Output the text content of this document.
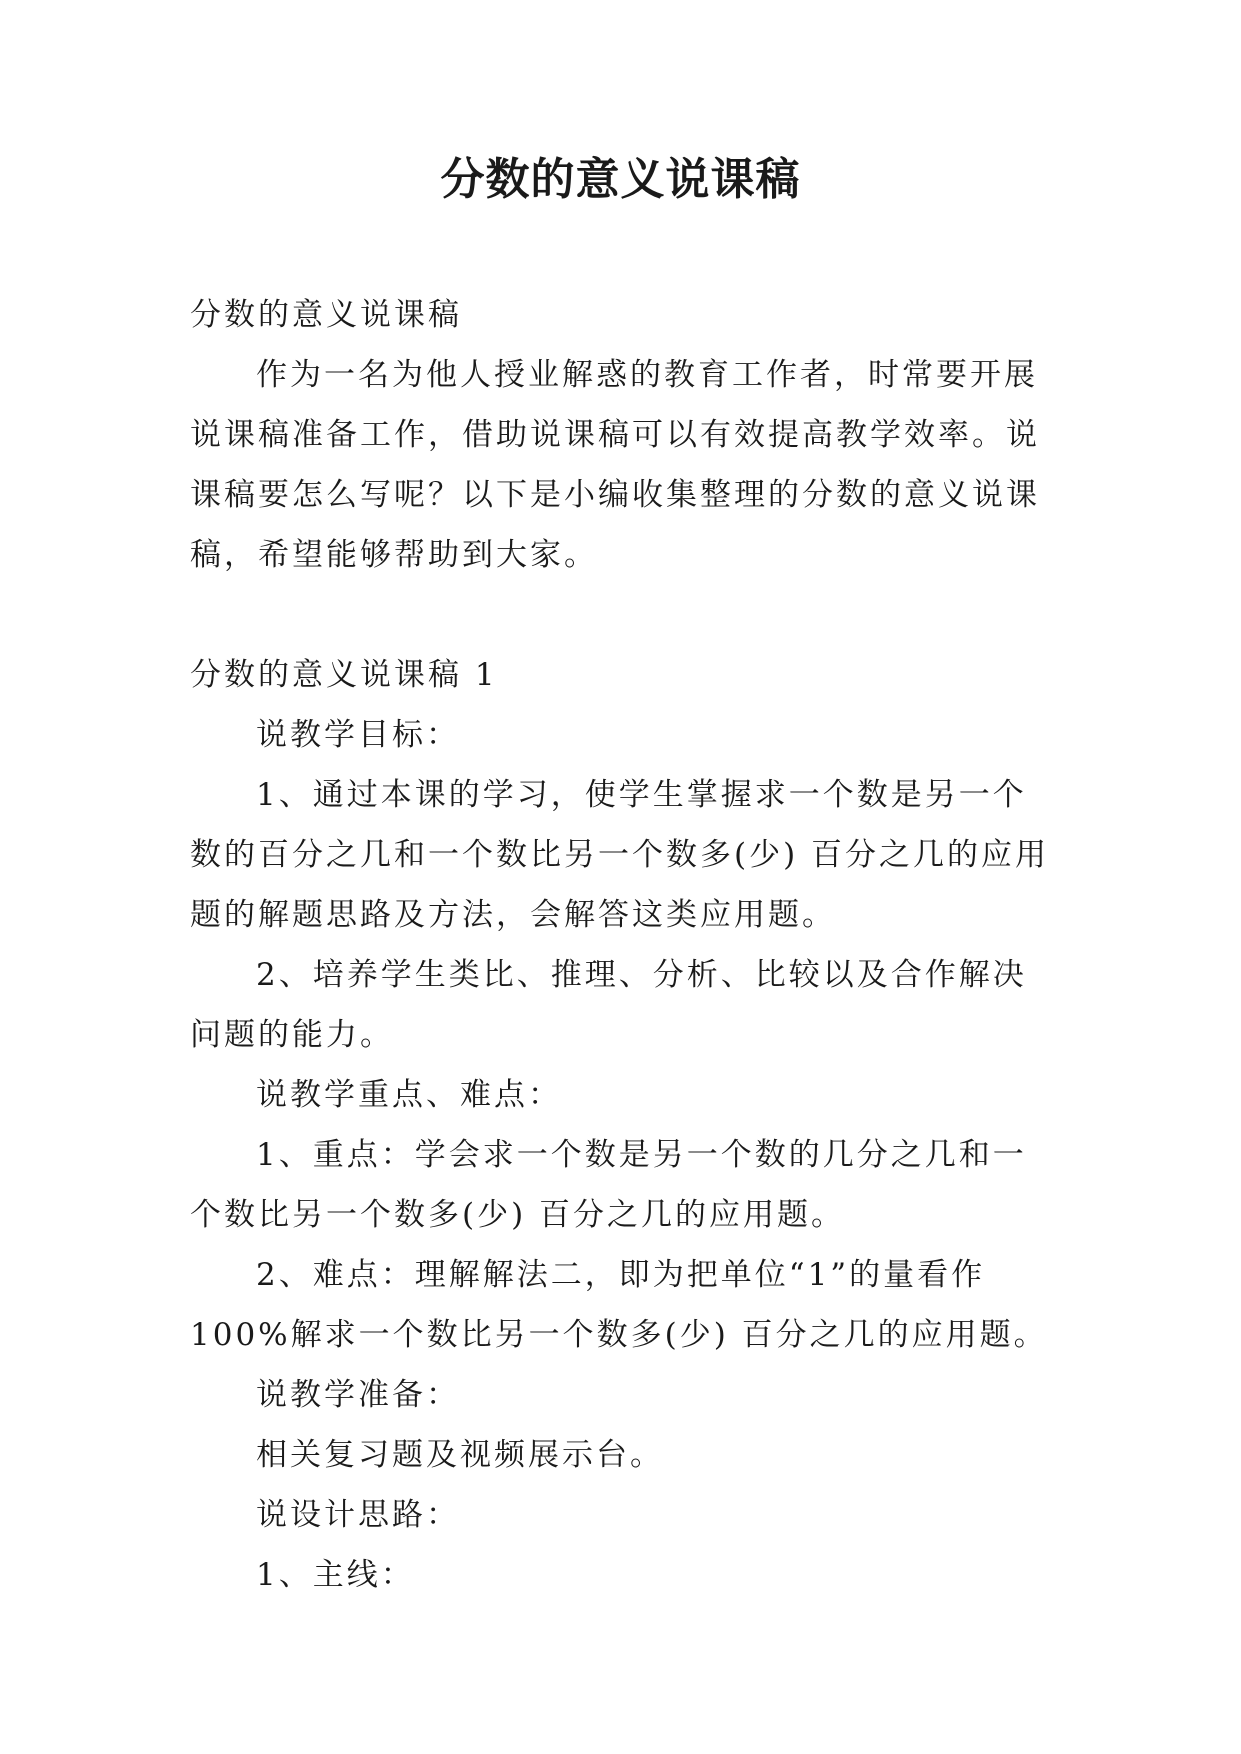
分数的意义说课稿

分数的意义说课稿

作为一名为他人授业解惑的教育工作者，时常要开展说课稿准备工作，借助说课稿可以有效提高教学效率。说课稿要怎么写呢？以下是小编收集整理的分数的意义说课稿，希望能够帮助到大家。

分数的意义说课稿 1

说教学目标：

1、通过本课的学习，使学生掌握求一个数是另一个数的百分之几和一个数比另一个数多(少) 百分之几的应用题的解题思路及方法，会解答这类应用题。

2、培养学生类比、推理、分析、比较以及合作解决问题的能力。

说教学重点、难点：

1、重点：学会求一个数是另一个数的几分之几和一个数比另一个数多(少) 百分之几的应用题。

2、难点：理解解法二，即为把单位“1”的量看作 100%解求一个数比另一个数多(少) 百分之几的应用题。

说教学准备：

相关复习题及视频展示台。

说设计思路：

1、主线：
